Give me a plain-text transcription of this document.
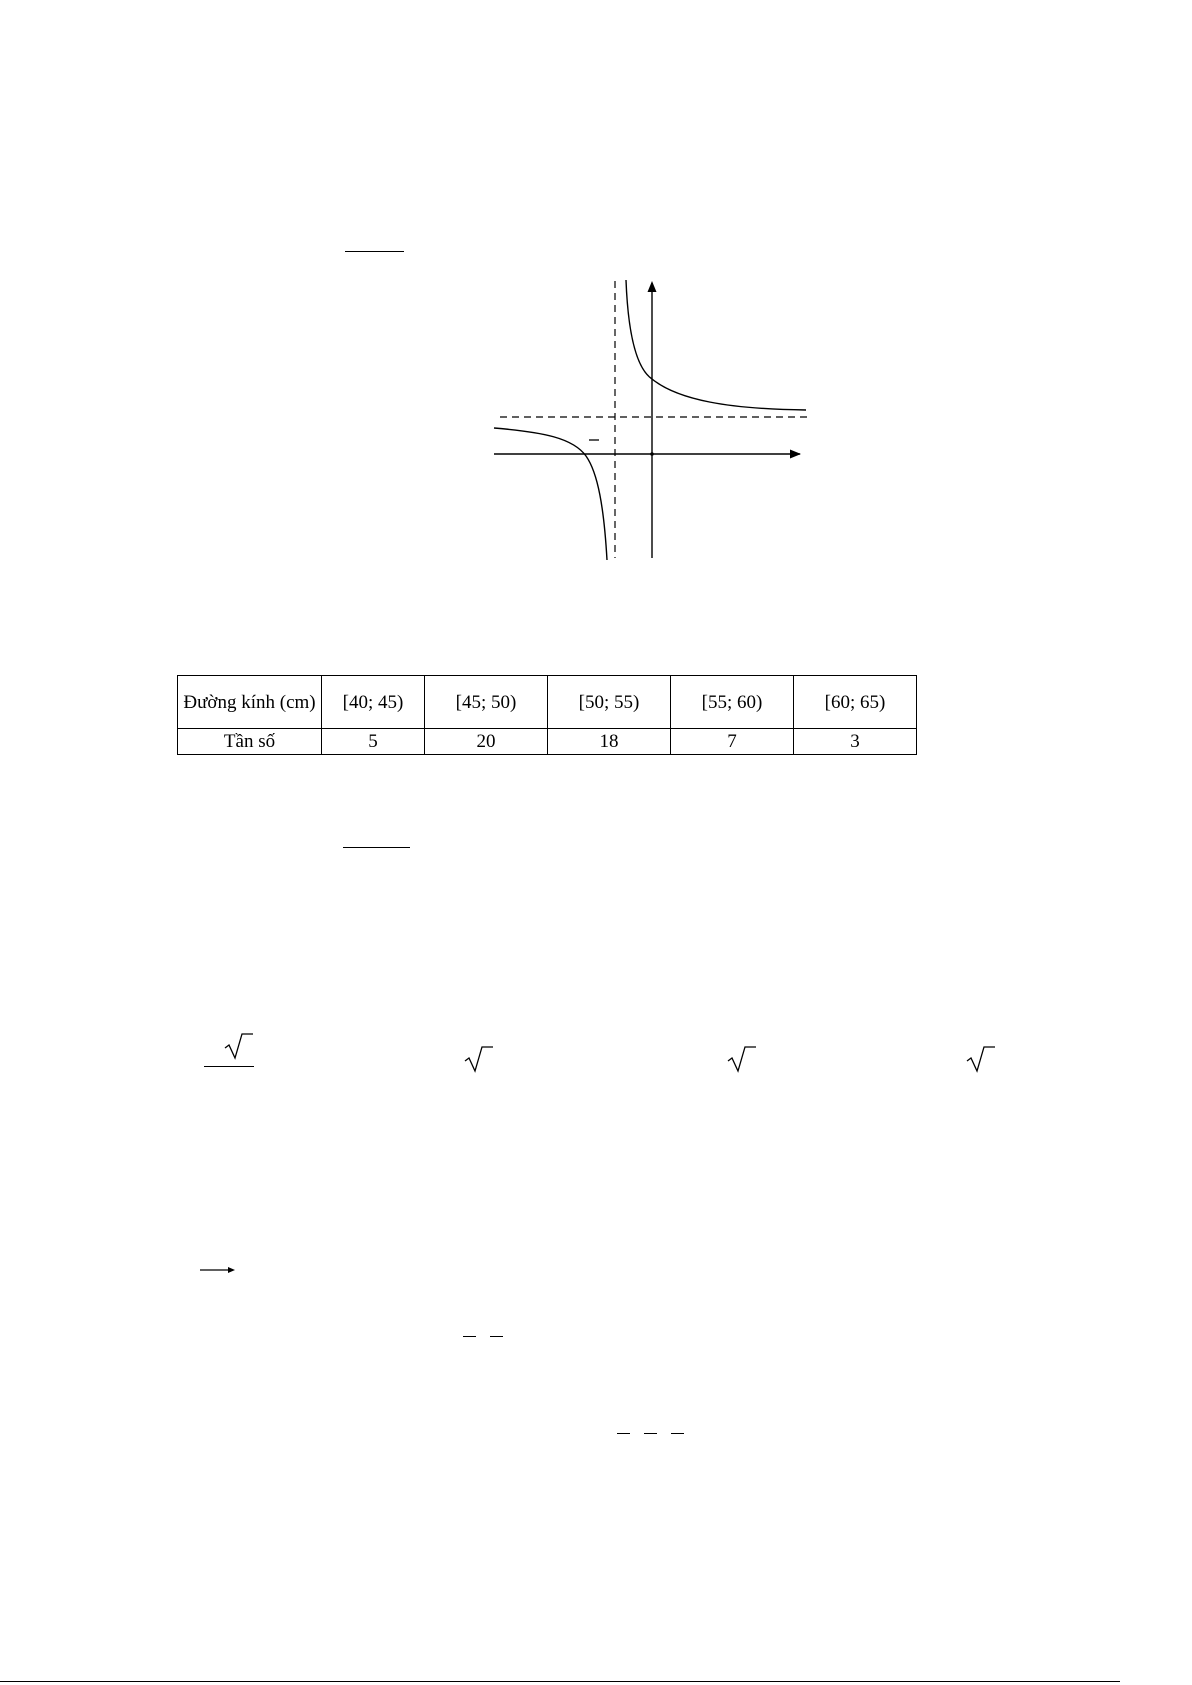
Đường kính (cm)	[40; 45)	[45; 50)	[50; 55)	[55; 60)	[60; 65)
Tần số	5	20	18	7	3
